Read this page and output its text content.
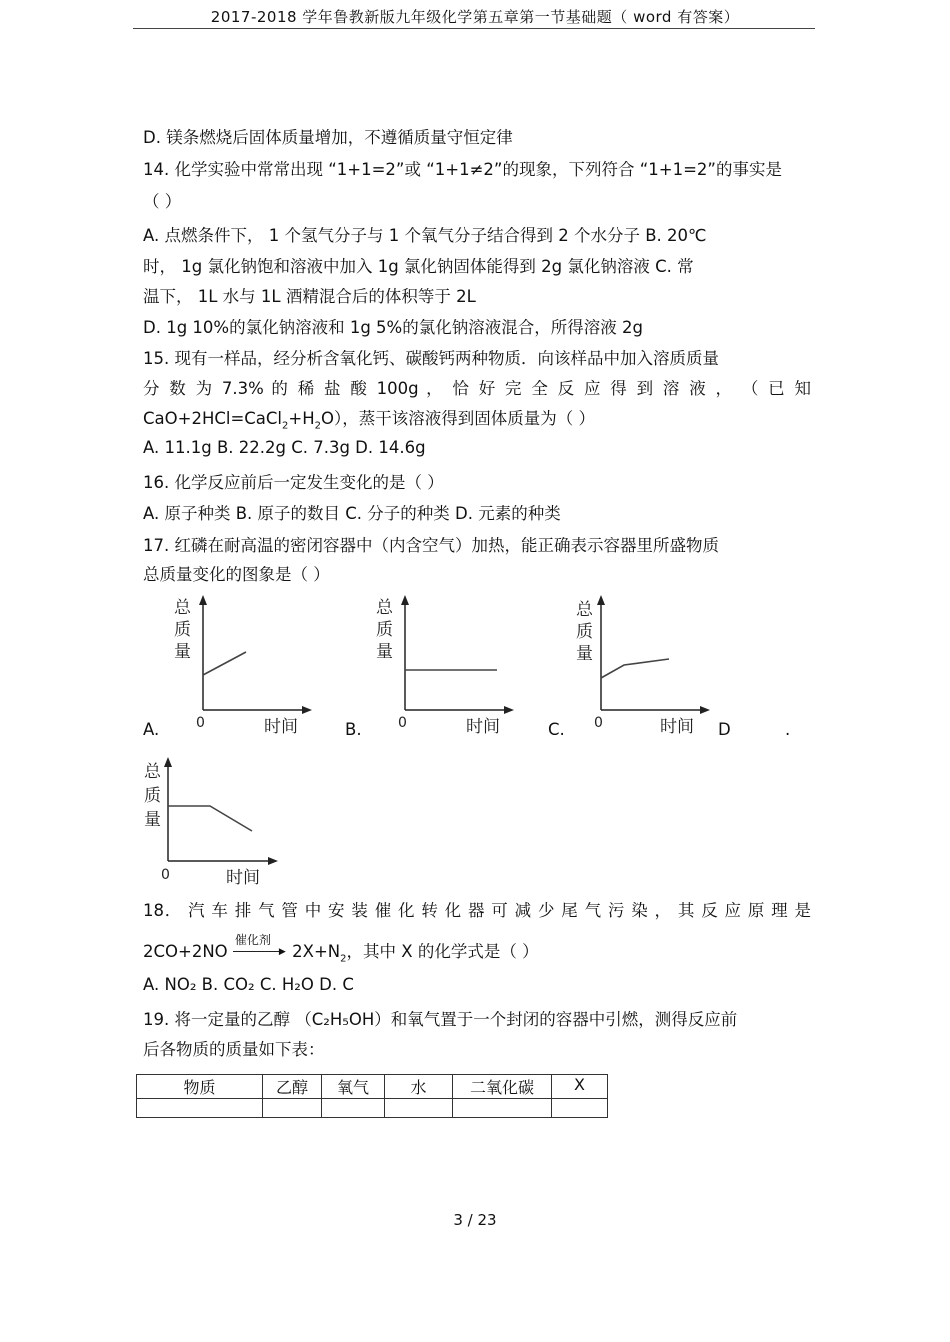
2017-2018 学年鲁教新版九年级化学第五章第一节基础题（ word 有答案）
D. 镁条燃烧后固体质量增加，不遵循质量守恒定律
14. 化学实验中常常出现 “1+1=2”或 “1+1≠2”的现象，下列符合 “1+1=2”的事实是
（ ）
A. 点燃条件下， 1 个氢气分子与 1 个氧气分子结合得到 2 个水分子 B. 20℃
时， 1g 氯化钠饱和溶液中加入 1g 氯化钠固体能得到 2g 氯化钠溶液 C. 常
温下， 1L 水与 1L 酒精混合后的体积等于 2L
D. 1g 10%的氯化钠溶液和 1g 5%的氯化钠溶液混合，所得溶液 2g
15. 现有一样品，经分析含氧化钙、碳酸钙两种物质．向该样品中加入溶质质量
分 数 为 7.3% 的 稀 盐 酸 100g ， 恰 好 完 全 反 应 得 到 溶 液 ， （ 已 知
$CaO+2HCl=CaCl_2+H_2O$），蒸干该溶液得到固体质量为（ ）
A. 11.1g B. 22.2g C. 7.3g D. 14.6g
16. 化学反应前后一定发生变化的是（ ）
A. 原子种类 B. 原子的数目 C. 分子的种类 D. 元素的种类
17. 红磷在耐高温的密闭容器中（内含空气）加热，能正确表示容器里所盛物质
总质量变化的图象是（ ）
总
质
量
0	时间
总
质
量
0	时间
总
质
量
0	时间
A.	B.	C.	D	.
总
质
量
0	时间
18． 汽 车 排 气 管 中 安 装 催 化 转 化 器 可 减 少 尾 气 污 染 ， 其 反 应 原 理 是
2CO+2NO
催化剂
▶ $2X+N_2$，其中 X 的化学式是（ ）
A. NO₂ B. CO₂ C. H₂O D. C
19. 将一定量的乙醇 （C₂H₅OH）和氧气置于一个封闭的容器中引燃，测得反应前
后各物质的质量如下表：
物质	乙醇	氧气	水	二氧化碳	X

3 / 23
